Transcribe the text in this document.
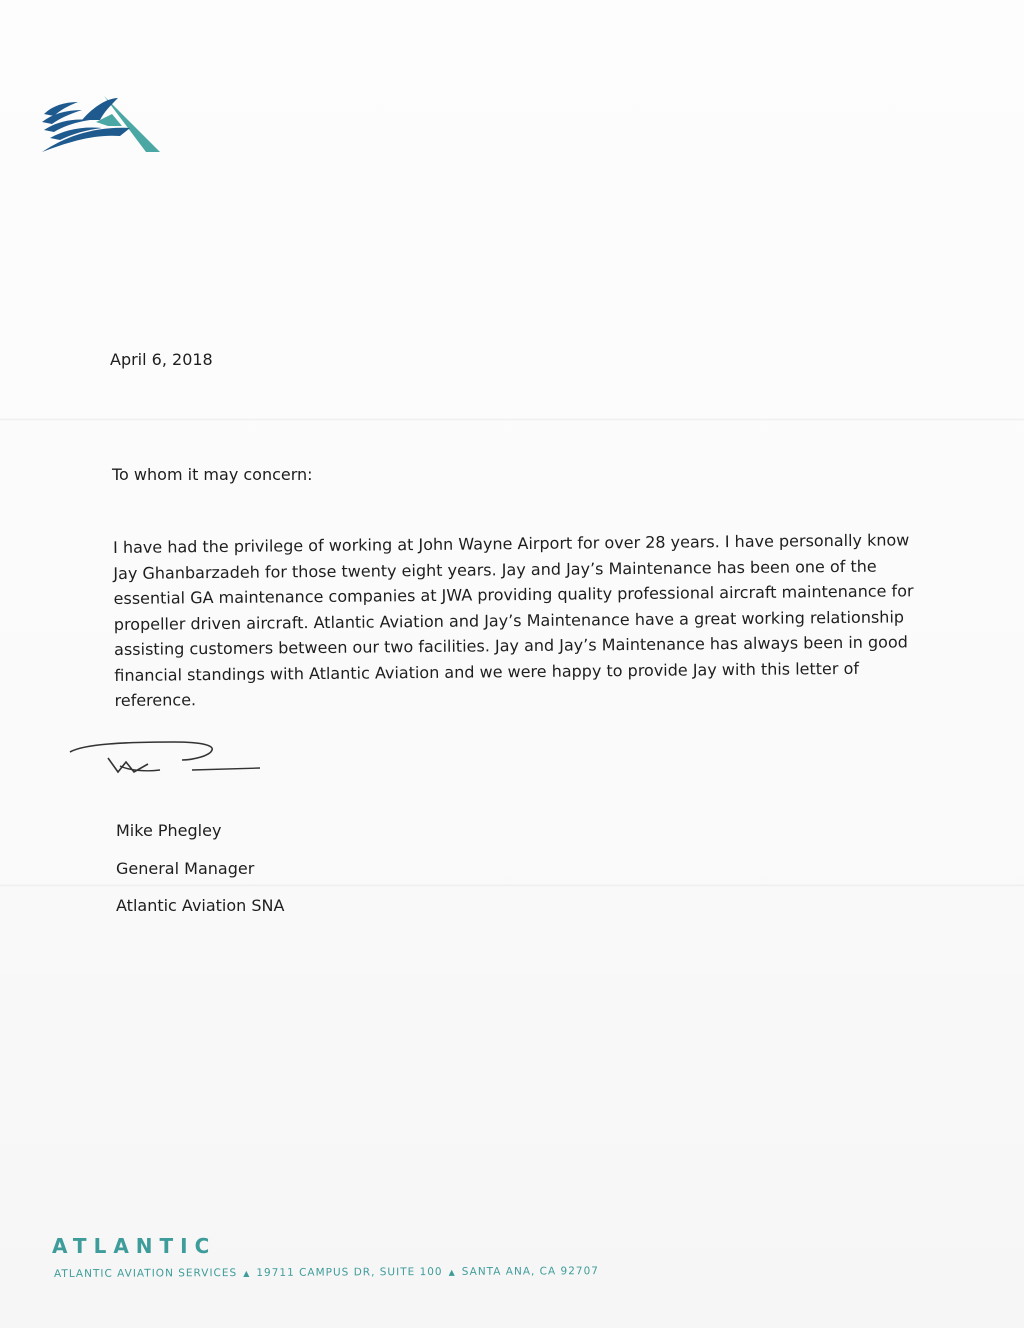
April 6, 2018
To whom it may concern:
I have had the privilege of working at John Wayne Airport for over 28 years. I have personally know Jay Ghanbarzadeh for those twenty eight years. Jay and Jay’s Maintenance has been one of the essential GA maintenance companies at JWA providing quality professional aircraft maintenance for propeller driven aircraft. Atlantic Aviation and Jay’s Maintenance have a great working relationship assisting customers between our two facilities. Jay and Jay’s Maintenance has always been in good financial standings with Atlantic Aviation and we were happy to provide Jay with this letter of reference.
Mike Phegley
General Manager
Atlantic Aviation SNA
ATLANTIC
ATLANTIC AVIATION SERVICES ▲ 19711 CAMPUS DR, SUITE 100 ▲ SANTA ANA, CA 92707
